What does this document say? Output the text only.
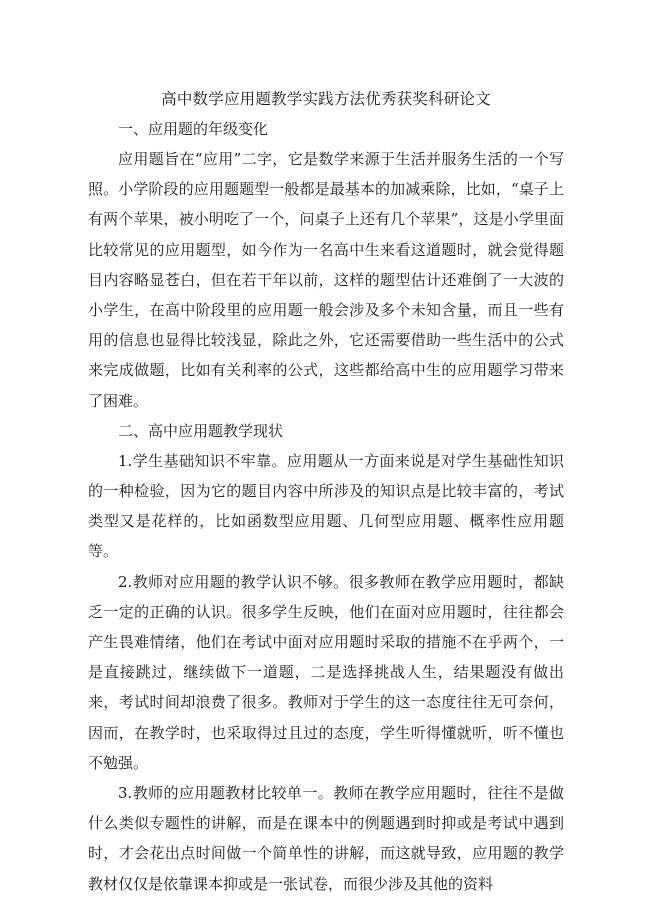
高中数学应用题教学实践方法优秀获奖科研论文
一、应用题的年级变化

应用题旨在“应用”二字，它是数学来源于生活并服务生活的一个写照。小学阶段的应用题题型一般都是最基本的加减乘除，比如，“桌子上有两个苹果，被小明吃了一个，问桌子上还有几个苹果”，这是小学里面比较常见的应用题型，如今作为一名高中生来看这道题时，就会觉得题目内容略显苍白，但在若干年以前，这样的题型估计还难倒了一大波的小学生，在高中阶段里的应用题一般会涉及多个未知含量，而且一些有用的信息也显得比较浅显，除此之外，它还需要借助一些生活中的公式来完成做题，比如有关利率的公式，这些都给高中生的应用题学习带来了困难。

二、高中应用题教学现状

1.学生基础知识不牢靠。应用题从一方面来说是对学生基础性知识的一种检验，因为它的题目内容中所涉及的知识点是比较丰富的，考试类型又是花样的，比如函数型应用题、几何型应用题、概率性应用题等。

2.教师对应用题的教学认识不够。很多教师在教学应用题时，都缺乏一定的正确的认识。很多学生反映，他们在面对应用题时，往往都会产生畏难情绪，他们在考试中面对应用题时采取的措施不在乎两个，一是直接跳过，继续做下一道题，二是选择挑战人生，结果题没有做出来，考试时间却浪费了很多。教师对于学生的这一态度往往无可奈何，因而，在教学时，也采取得过且过的态度，学生听得懂就听，听不懂也不勉强。

3.教师的应用题教材比较单一。教师在教学应用题时，往往不是做什么类似专题性的讲解，而是在课本中的例题遇到时抑或是考试中遇到时，才会花出点时间做一个简单性的讲解，而这就导致，应用题的教学教材仅仅是依靠课本抑或是一张试卷，而很少涉及其他的资料
